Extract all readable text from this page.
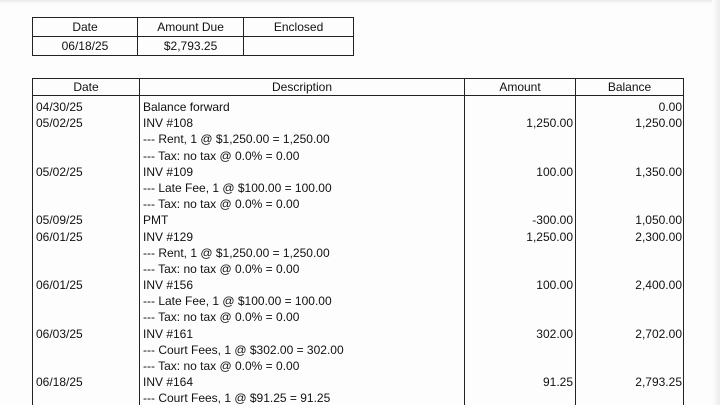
Date	Amount Due	Enclosed
06/18/25	$2,793.25	
Date	Description	Amount	Balance
04/30/25	Balance forward		0.00
05/02/25	INV #108
--- Rent, 1 @ $1,250.00 = 1,250.00
--- Tax: no tax @ 0.0% = 0.00	1,250.00	1,250.00
05/02/25	INV #109
--- Late Fee, 1 @ $100.00 = 100.00
--- Tax: no tax @ 0.0% = 0.00	100.00	1,350.00
05/09/25	PMT	-300.00	1,050.00
06/01/25	INV #129
--- Rent, 1 @ $1,250.00 = 1,250.00
--- Tax: no tax @ 0.0% = 0.00	1,250.00	2,300.00
06/01/25	INV #156
--- Late Fee, 1 @ $100.00 = 100.00
--- Tax: no tax @ 0.0% = 0.00	100.00	2,400.00
06/03/25	INV #161
--- Court Fees, 1 @ $302.00 = 302.00
--- Tax: no tax @ 0.0% = 0.00	302.00	2,702.00
06/18/25	INV #164
--- Court Fees, 1 @ $91.25 = 91.25	91.25	2,793.25
